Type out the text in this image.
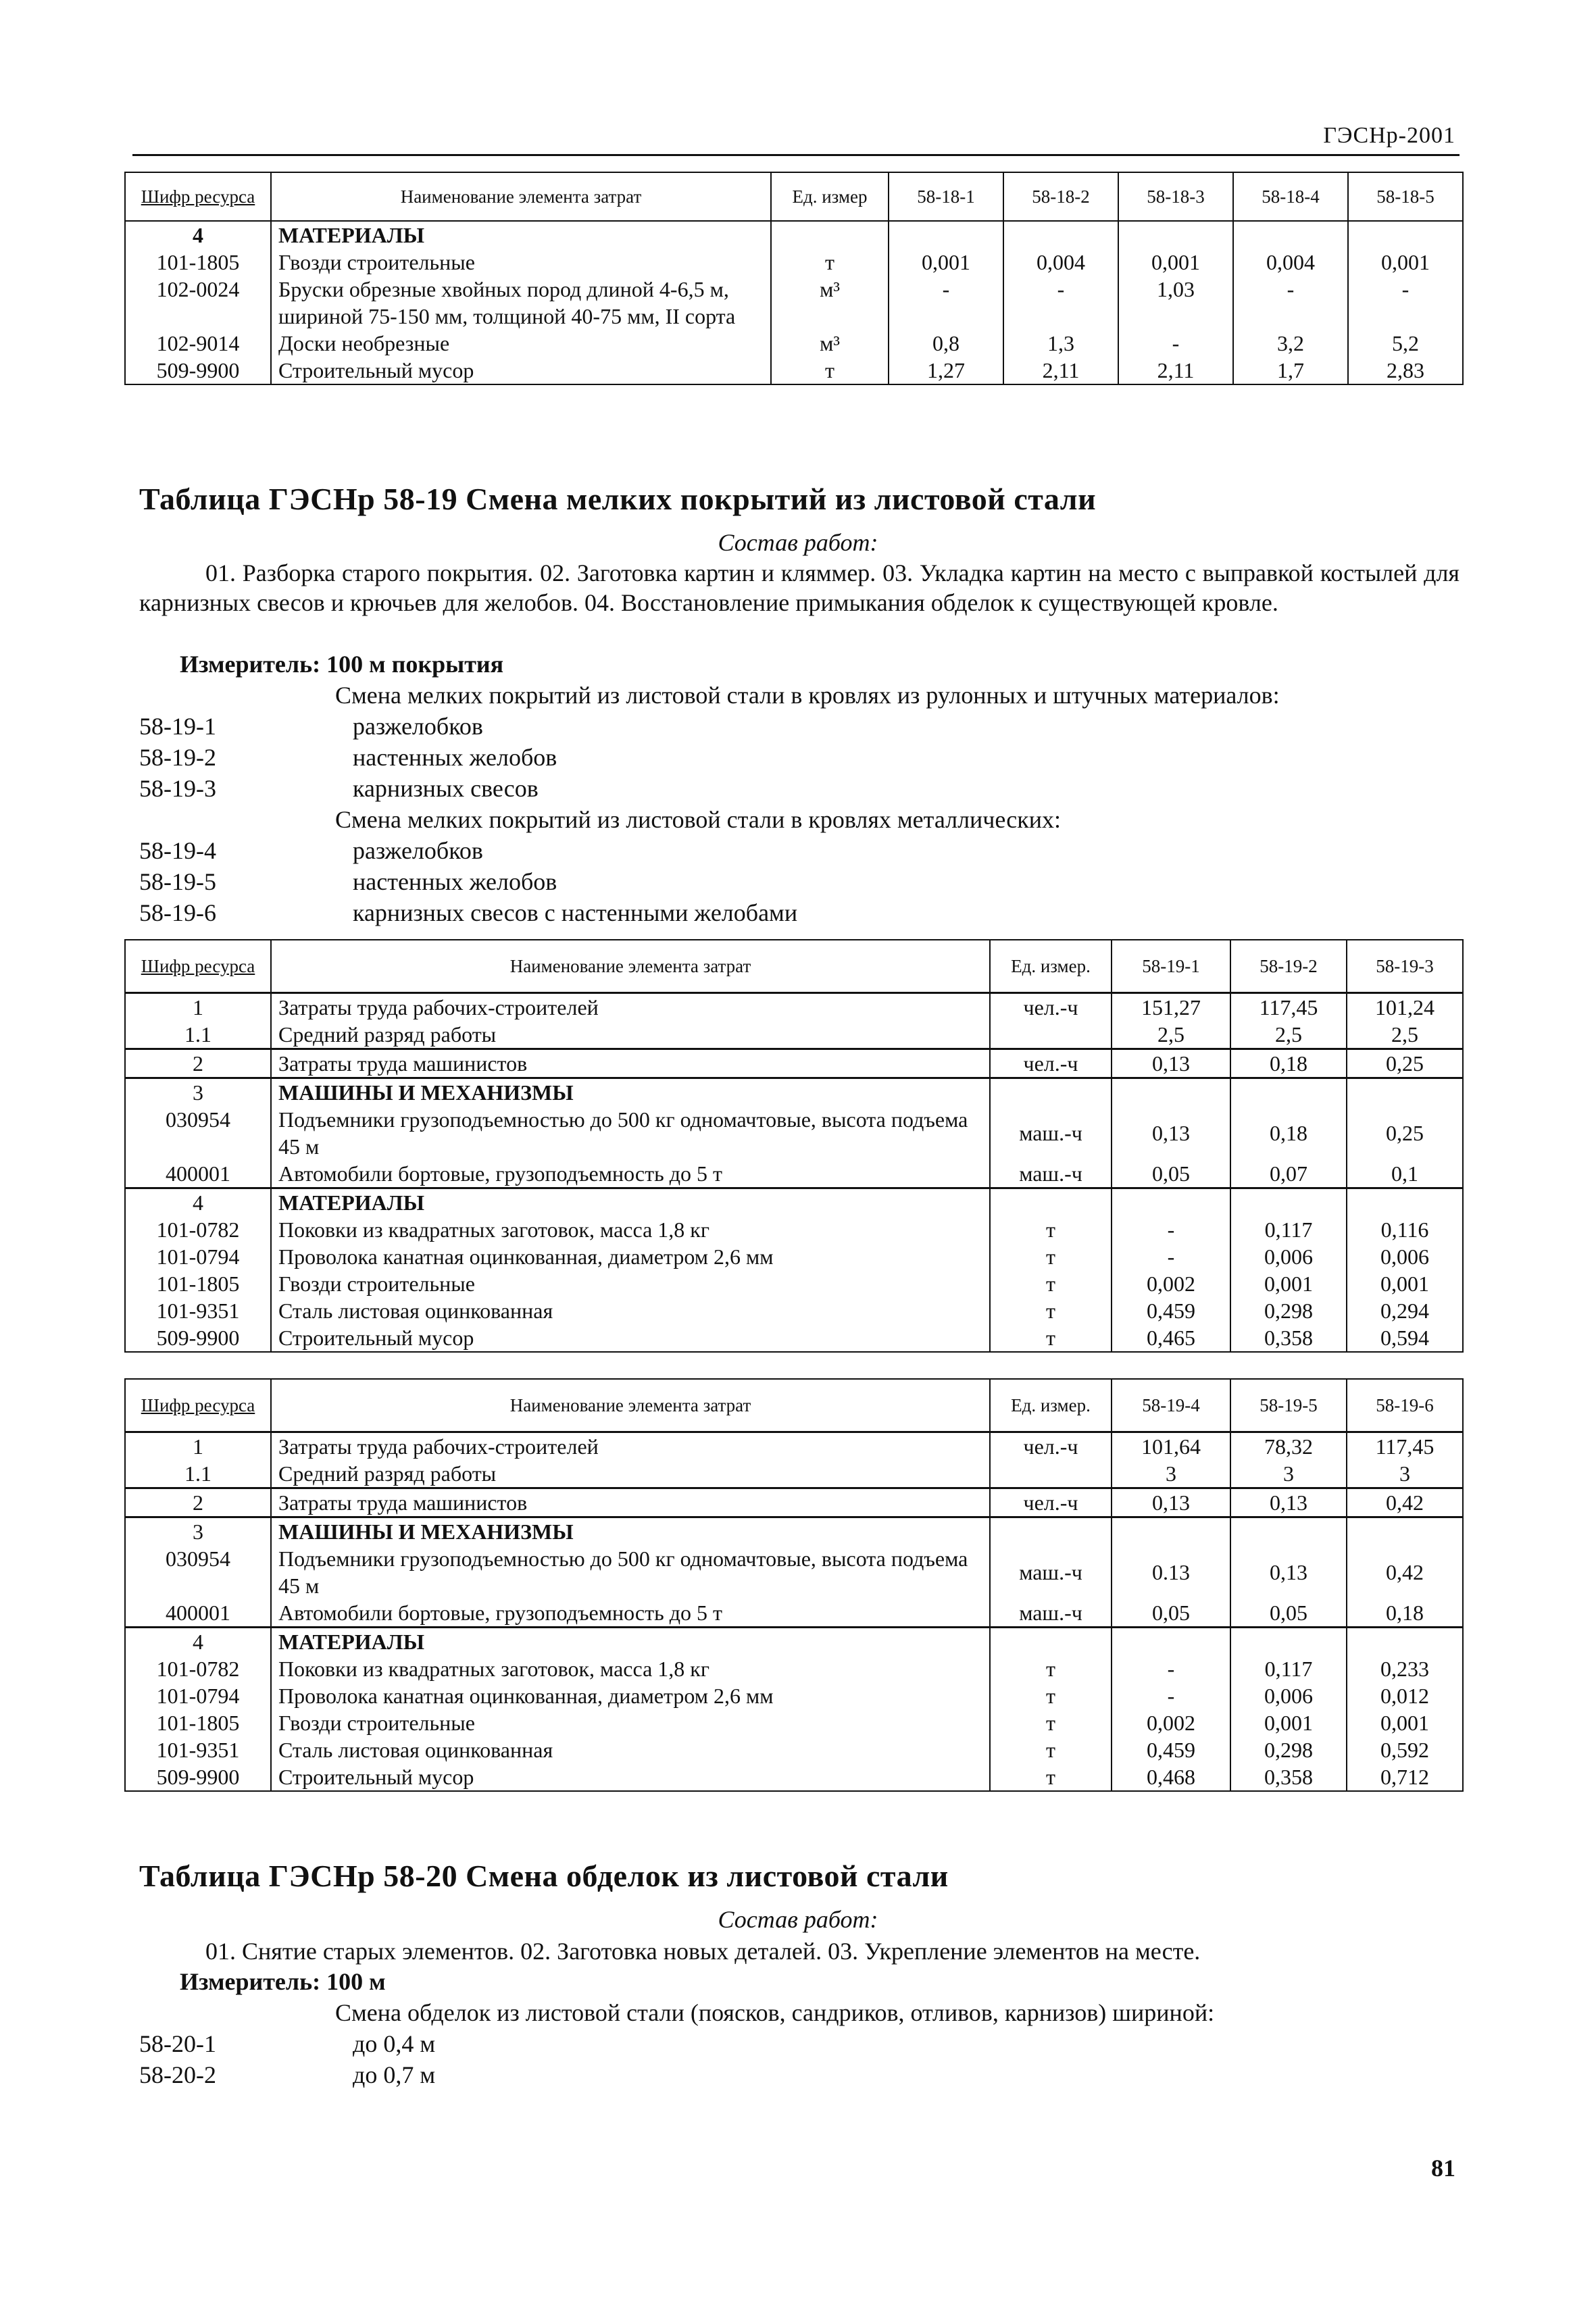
ГЭСНр-2001
Шифр ресурса	Наименование элемента затрат	Ед. измер	58-18-1	58-18-2	58-18-3	58-18-4	58-18-5
4	МАТЕРИАЛЫ						
101-1805	Гвозди строительные	т	0,001	0,004	0,001	0,004	0,001
102-0024	Бруски обрезные хвойных пород длиной 4-6,5 м, шириной 75-150 мм, толщиной 40-75 мм, II сорта	м³	-	-	1,03	-	-
102-9014	Доски необрезные	м³	0,8	1,3	-	3,2	5,2
509-9900	Строительный мусор	т	1,27	2,11	2,11	1,7	2,83
Таблица ГЭСНр 58-19 Смена мелких покрытий из листовой стали
Состав работ:
01. Разборка старого покрытия. 02. Заготовка картин и кляммер. 03. Укладка картин на место с выправкой костылей для карнизных свесов и крючьев для желобов. 04. Восстановление примыкания обделок к существующей кровле.
Измеритель: 100 м покрытия
Смена мелких покрытий из листовой стали в кровлях из рулонных и штучных материалов:
58-19-1	разжелобков
58-19-2	настенных желобов
58-19-3	карнизных свесов
Смена мелких покрытий из листовой стали в кровлях металлических:
58-19-4	разжелобков
58-19-5	настенных желобов
58-19-6	карнизных свесов с настенными желобами
Шифр ресурса	Наименование элемента затрат	Ед. измер.	58-19-1	58-19-2	58-19-3
1	Затраты труда рабочих-строителей	чел.-ч	151,27	117,45	101,24
1.1	Средний разряд работы		2,5	2,5	2,5
2	Затраты труда машинистов	чел.-ч	0,13	0,18	0,25
3	МАШИНЫ И МЕХАНИЗМЫ				
030954	Подъемники грузоподъемностью до 500 кг одномачтовые, высота подъема 45 м	маш.-ч	0,13	0,18	0,25
400001	Автомобили бортовые, грузоподъемность до 5 т	маш.-ч	0,05	0,07	0,1
4	МАТЕРИАЛЫ				
101-0782	Поковки из квадратных заготовок, масса 1,8 кг	т	-	0,117	0,116
101-0794	Проволока канатная оцинкованная, диаметром 2,6 мм	т	-	0,006	0,006
101-1805	Гвозди строительные	т	0,002	0,001	0,001
101-9351	Сталь листовая оцинкованная	т	0,459	0,298	0,294
509-9900	Строительный мусор	т	0,465	0,358	0,594
Шифр ресурса	Наименование элемента затрат	Ед. измер.	58-19-4	58-19-5	58-19-6
1	Затраты труда рабочих-строителей	чел.-ч	101,64	78,32	117,45
1.1	Средний разряд работы		3	3	3
2	Затраты труда машинистов	чел.-ч	0,13	0,13	0,42
3	МАШИНЫ И МЕХАНИЗМЫ				
030954	Подъемники грузоподъемностью до 500 кг одномачтовые, высота подъема 45 м	маш.-ч	0.13	0,13	0,42
400001	Автомобили бортовые, грузоподъемность до 5 т	маш.-ч	0,05	0,05	0,18
4	МАТЕРИАЛЫ				
101-0782	Поковки из квадратных заготовок, масса 1,8 кг	т	-	0,117	0,233
101-0794	Проволока канатная оцинкованная, диаметром 2,6 мм	т	-	0,006	0,012
101-1805	Гвозди строительные	т	0,002	0,001	0,001
101-9351	Сталь листовая оцинкованная	т	0,459	0,298	0,592
509-9900	Строительный мусор	т	0,468	0,358	0,712
Таблица ГЭСНр 58-20 Смена обделок из листовой стали
Состав работ:
01. Снятие старых элементов. 02. Заготовка новых деталей. 03. Укрепление элементов на месте.
Измеритель: 100 м
Смена обделок из листовой стали (поясков, сандриков, отливов, карнизов) шириной:
58-20-1	до 0,4 м
58-20-2	до 0,7 м
81
